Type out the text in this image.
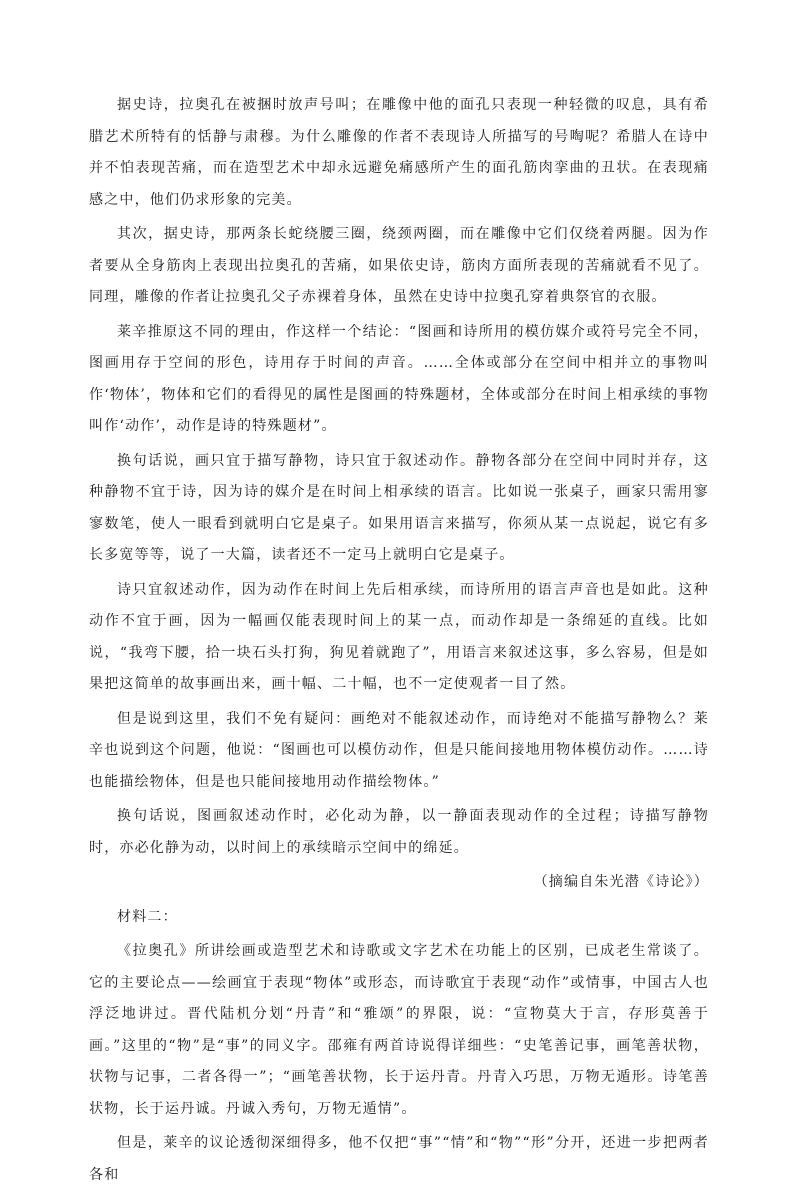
据史诗，拉奥孔在被捆时放声号叫；在雕像中他的面孔只表现一种轻微的叹息，具有希腊艺术所特有的恬静与肃穆。为什么雕像的作者不表现诗人所描写的号啕呢？希腊人在诗中并不怕表现苦痛，而在造型艺术中却永远避免痛感所产生的面孔筋肉挛曲的丑状。在表现痛感之中，他们仍求形象的完美。

其次，据史诗，那两条长蛇绕腰三圈，绕颈两圈，而在雕像中它们仅绕着两腿。因为作者要从全身筋肉上表现出拉奥孔的苦痛，如果依史诗，筋肉方面所表现的苦痛就看不见了。同理，雕像的作者让拉奥孔父子赤裸着身体，虽然在史诗中拉奥孔穿着典祭官的衣服。

莱辛推原这不同的理由，作这样一个结论：“图画和诗所用的模仿媒介或符号完全不同，图画用存于空间的形色，诗用存于时间的声音。……全体或部分在空间中相并立的事物叫作‘物体’，物体和它们的看得见的属性是图画的特殊题材，全体或部分在时间上相承续的事物叫作‘动作’，动作是诗的特殊题材”。

换句话说，画只宜于描写静物，诗只宜于叙述动作。静物各部分在空间中同时并存，这种静物不宜于诗，因为诗的媒介是在时间上相承续的语言。比如说一张桌子，画家只需用寥寥数笔，使人一眼看到就明白它是桌子。如果用语言来描写，你须从某一点说起，说它有多长多宽等等，说了一大篇，读者还不一定马上就明白它是桌子。

诗只宜叙述动作，因为动作在时间上先后相承续，而诗所用的语言声音也是如此。这种动作不宜于画，因为一幅画仅能表现时间上的某一点，而动作却是一条绵延的直线。比如说，“我弯下腰，拾一块石头打狗，狗见着就跑了”，用语言来叙述这事，多么容易，但是如果把这简单的故事画出来，画十幅、二十幅，也不一定使观者一目了然。

但是说到这里，我们不免有疑问：画绝对不能叙述动作，而诗绝对不能描写静物么？莱辛也说到这个问题，他说：“图画也可以模仿动作，但是只能间接地用物体模仿动作。……诗也能描绘物体，但是也只能间接地用动作描绘物体。”

换句话说，图画叙述动作时，必化动为静，以一静面表现动作的全过程；诗描写静物时，亦必化静为动，以时间上的承续暗示空间中的绵延。

（摘编自朱光潜《诗论》）

材料二：

《拉奥孔》所讲绘画或造型艺术和诗歌或文字艺术在功能上的区别，已成老生常谈了。它的主要论点——绘画宜于表现“物体”或形态，而诗歌宜于表现“动作”或情事，中国古人也浮泛地讲过。晋代陆机分划“丹青”和“雅颂”的界限，说：“宣物莫大于言，存形莫善于画。”这里的“物”是“事”的同义字。邵雍有两首诗说得详细些：“史笔善记事，画笔善状物，状物与记事，二者各得一”；“画笔善状物，长于运丹青。丹青入巧思，万物无遁形。诗笔善状物，长于运丹诚。丹诚入秀句，万物无遁情”。

但是，莱辛的议论透彻深细得多，他不仅把“事”“情”和“物”“形”分开，还进一步把两者各和
